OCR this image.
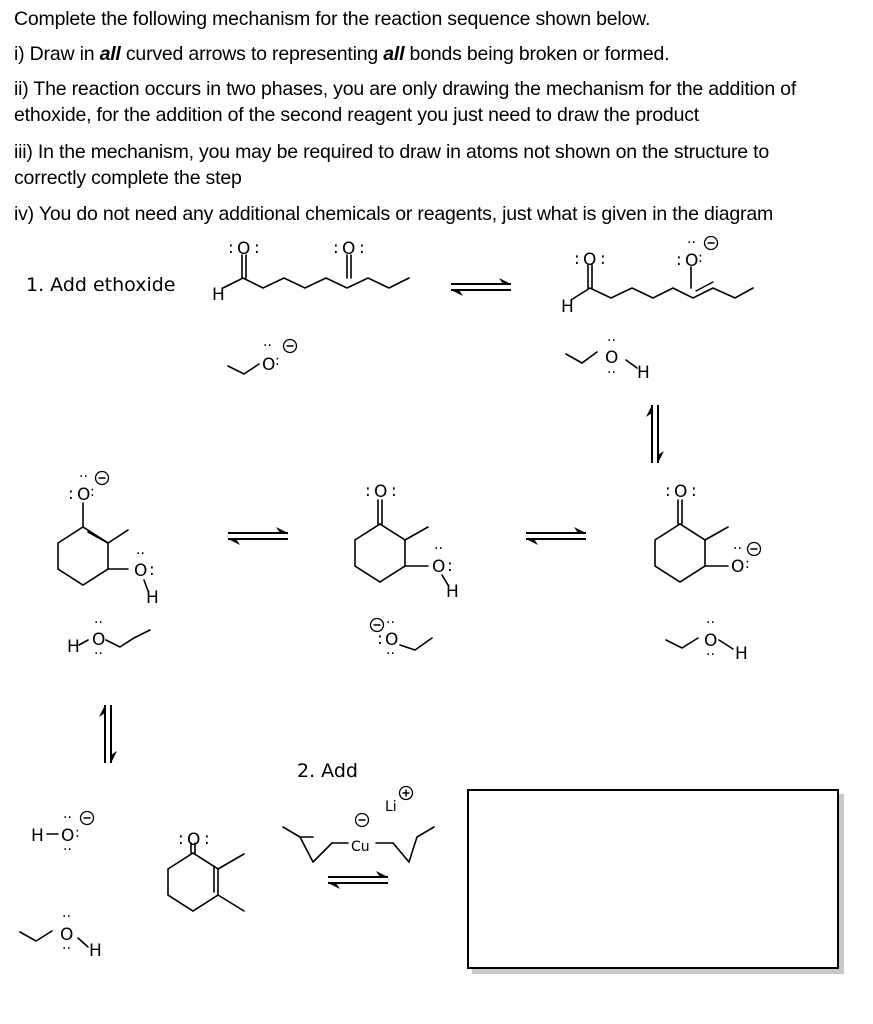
Complete the following mechanism for the reaction sequence shown below.
i) Draw in all curved arrows to representing all bonds being broken or formed.
ii) The reaction occurs in two phases, you are only drawing the mechanism for the addition of
ethoxide, for the addition of the second reagent you just need to draw the product
iii) In the mechanism, you may be required to draw in atoms not shown on the structure to
correctly complete the step
iv) You do not need any additional chemicals or reagents, just what is given in the diagram
1. Add ethoxide
2. Add
H
O
: :	O
: :
O
··
:
H
O
: :	O
:
··
:
O
··
·· H
O
:
··
:
O
··
:
H
H O
··
··
O
: :
O
··
:
H
O
··
:
··
O
: :
O
··
:
O
··
·· H
H O
··
··
:
O
··
·· H
O
: :	Cu
Li
